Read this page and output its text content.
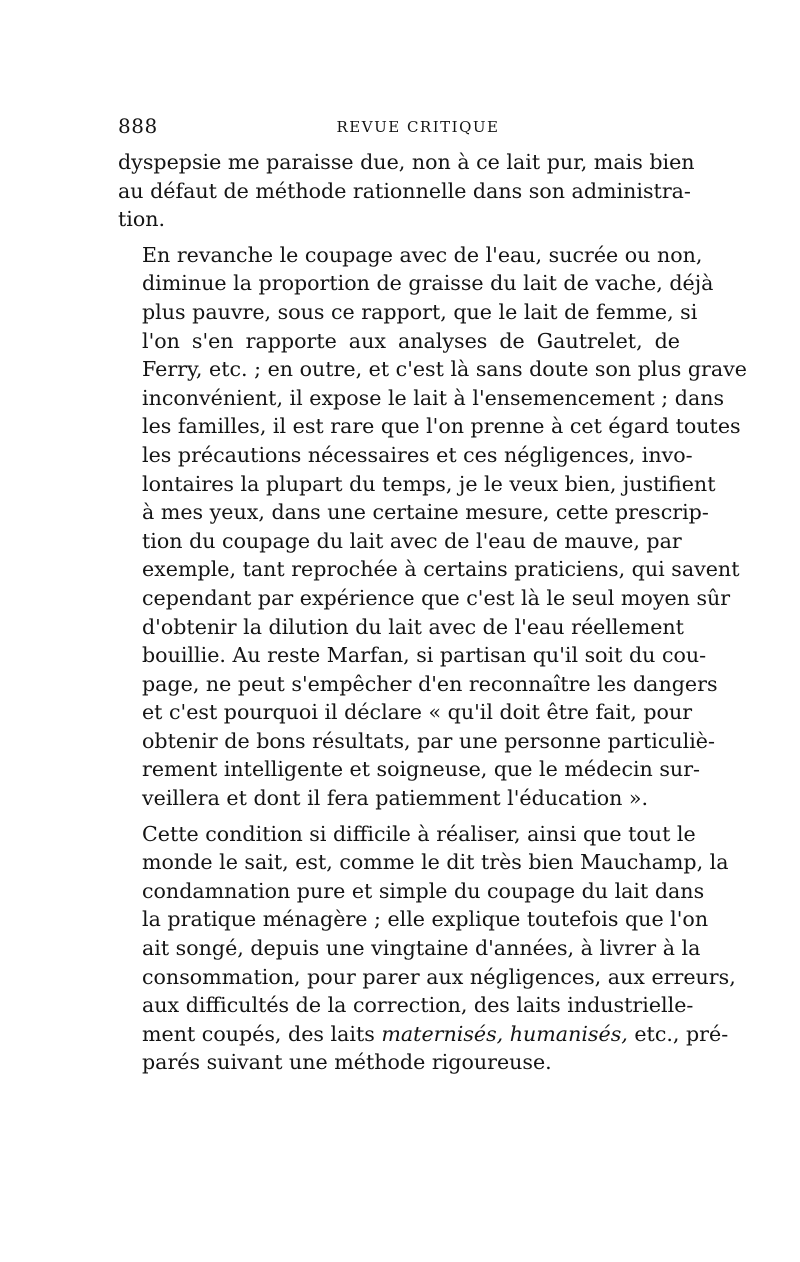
888	REVUE CRITIQUE

dyspepsie me paraisse due, non à ce lait pur, mais bien
au défaut de méthode rationnelle dans son administra-
tion.

En revanche le coupage avec de l'eau, sucrée ou non,
diminue la proportion de graisse du lait de vache, déjà
plus pauvre, sous ce rapport, que le lait de femme, si
l'on s'en rapporte aux analyses de Gautrelet, de
Ferry, etc. ; en outre, et c'est là sans doute son plus grave
inconvénient, il expose le lait à l'ensemencement ; dans
les familles, il est rare que l'on prenne à cet égard toutes
les précautions nécessaires et ces négligences, invo-
lontaires la plupart du temps, je le veux bien, justifient
à mes yeux, dans une certaine mesure, cette prescrip-
tion du coupage du lait avec de l'eau de mauve, par
exemple, tant reprochée à certains praticiens, qui savent
cependant par expérience que c'est là le seul moyen sûr
d'obtenir la dilution du lait avec de l'eau réellement
bouillie. Au reste Marfan, si partisan qu'il soit du cou-
page, ne peut s'empêcher d'en reconnaître les dangers
et c'est pourquoi il déclare « qu'il doit être fait, pour
obtenir de bons résultats, par une personne particuliè-
rement intelligente et soigneuse, que le médecin sur-
veillera et dont il fera patiemment l'éducation ».

Cette condition si difficile à réaliser, ainsi que tout le
monde le sait, est, comme le dit très bien Mauchamp, la
condamnation pure et simple du coupage du lait dans
la pratique ménagère ; elle explique toutefois que l'on
ait songé, depuis une vingtaine d'années, à livrer à la
consommation, pour parer aux négligences, aux erreurs,
aux difficultés de la correction, des laits industrielle-
ment coupés, des laits maternisés, humanisés, etc., pré-
parés suivant une méthode rigoureuse.
